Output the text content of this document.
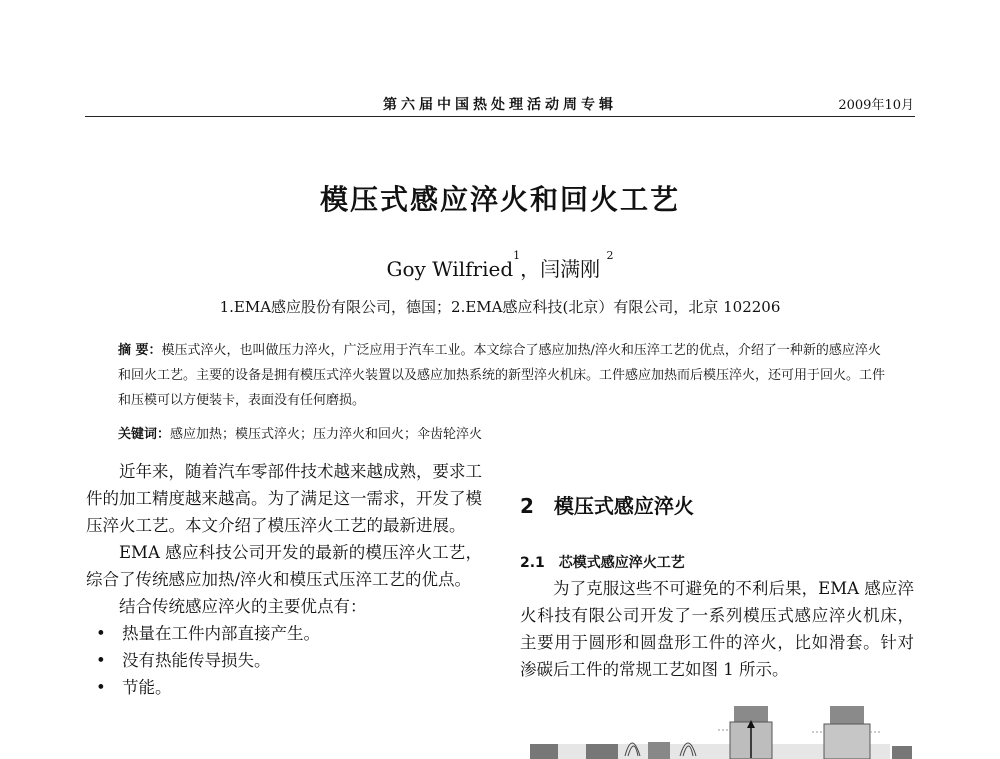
第六届中国热处理活动周专辑	2009年10月
模压式感应淬火和回火工艺
Goy Wilfried$^1$，闫满刚 $^2$
1.EMA感应股份有限公司，德国；2.EMA感应科技(北京）有限公司，北京 102206
摘 要：模压式淬火，也叫做压力淬火，广泛应用于汽车工业。本文综合了感应加热/淬火和压淬工艺的优点，介绍了一种新的感应淬火和回火工艺。主要的设备是拥有模压式淬火装置以及感应加热系统的新型淬火机床。工件感应加热而后模压淬火，还可用于回火。工件和压模可以方便装卡，表面没有任何磨损。
关键词：感应加热；模压式淬火；压力淬火和回火；伞齿轮淬火

近年来，随着汽车零部件技术越来越成熟，要求工件的加工精度越来越高。为了满足这一需求，开发了模压淬火工艺。本文介绍了模压淬火工艺的最新进展。

EMA 感应科技公司开发的最新的模压淬火工艺，综合了传统感应加热/淬火和模压式压淬工艺的优点。

结合传统感应淬火的主要优点有：

• 热量在工件内部直接产生。
• 没有热能传导损失。
• 节能。
2　模压式感应淬火
2.1　芯模式感应淬火工艺

为了克服这些不可避免的不利后果，EMA 感应淬火科技有限公司开发了一系列模压式感应淬火机床，主要用于圆形和圆盘形工件的淬火，比如滑套。针对渗碳后工件的常规工艺如图 1 所示。
